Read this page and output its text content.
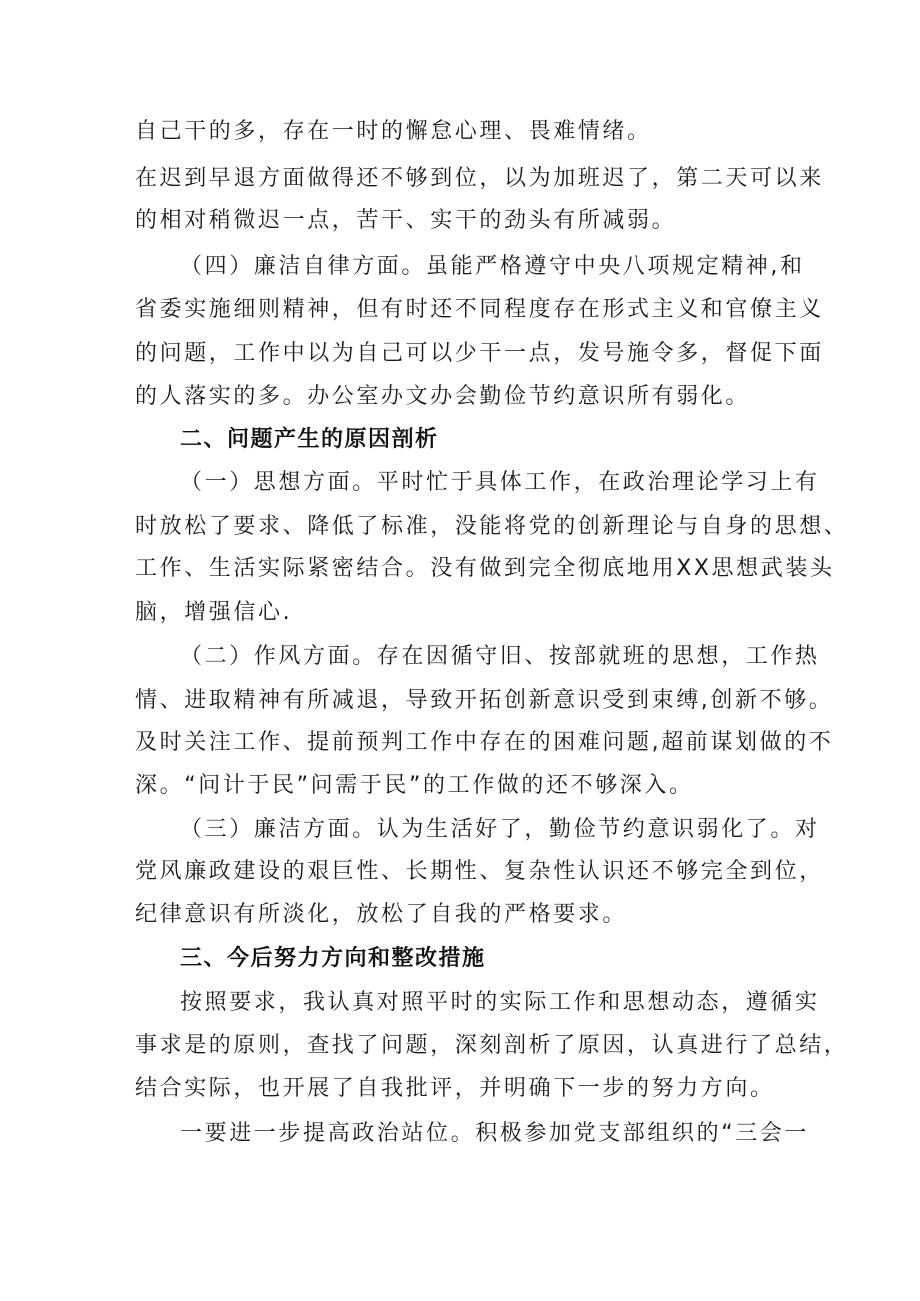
自己干的多，存在一时的懈怠心理、畏难情绪。
在迟到早退方面做得还不够到位，以为加班迟了，第二天可以来
的相对稍微迟一点，苦干、实干的劲头有所减弱。
（四）廉洁自律方面。虽能严格遵守中央八项规定精神,和
省委实施细则精神，但有时还不同程度存在形式主义和官僚主义
的问题，工作中以为自己可以少干一点，发号施令多，督促下面
的人落实的多。办公室办文办会勤俭节约意识所有弱化。
二、问题产生的原因剖析
（一）思想方面。平时忙于具体工作，在政治理论学习上有
时放松了要求、降低了标准，没能将党的创新理论与自身的思想、
工作、生活实际紧密结合。没有做到完全彻底地用XX思想武装头
脑，增强信心.
（二）作风方面。存在因循守旧、按部就班的思想，工作热
情、进取精神有所减退，导致开拓创新意识受到束缚,创新不够。
及时关注工作、提前预判工作中存在的困难问题,超前谋划做的不
深。“问计于民”问需于民”的工作做的还不够深入。
（三）廉洁方面。认为生活好了，勤俭节约意识弱化了。对
党风廉政建设的艰巨性、长期性、复杂性认识还不够完全到位，
纪律意识有所淡化，放松了自我的严格要求。
三、今后努力方向和整改措施
按照要求，我认真对照平时的实际工作和思想动态，遵循实
事求是的原则，查找了问题，深刻剖析了原因，认真进行了总结，
结合实际，也开展了自我批评，并明确下一步的努力方向。
一要进一步提高政治站位。积极参加党支部组织的“三会一
